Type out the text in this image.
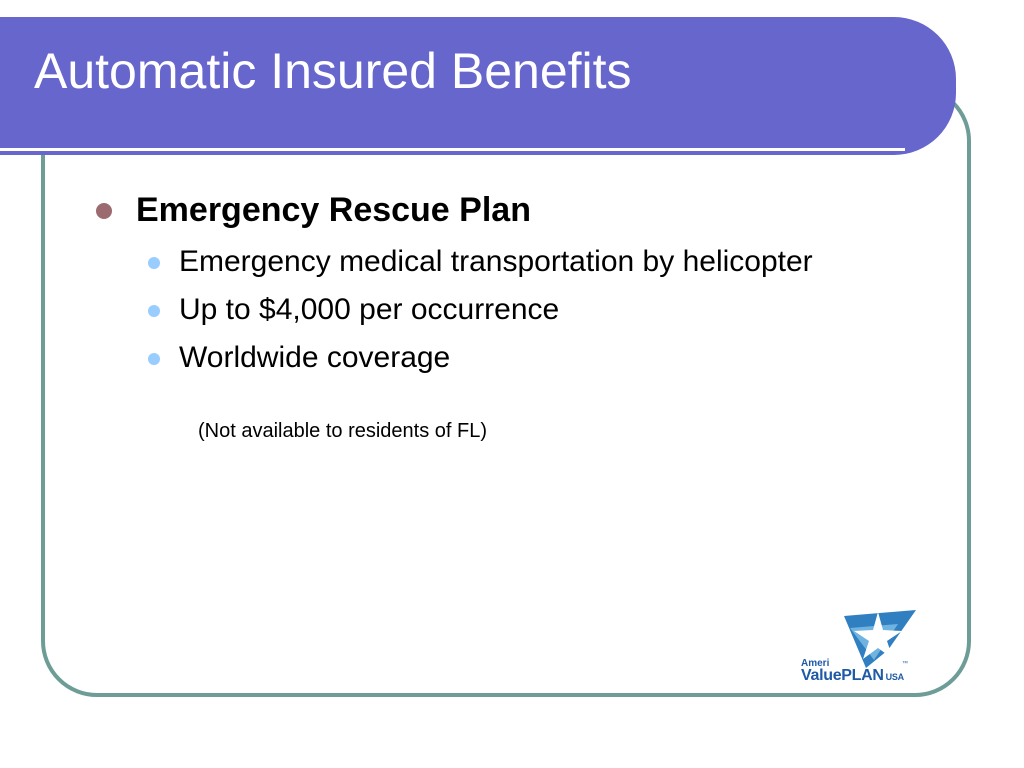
Automatic Insured Benefits
Emergency Rescue Plan
Emergency medical transportation by helicopter
Up to $4,000 per occurrence
Worldwide coverage
(Not available to residents of FL)
Ameri
ValuePLAN USA
™
